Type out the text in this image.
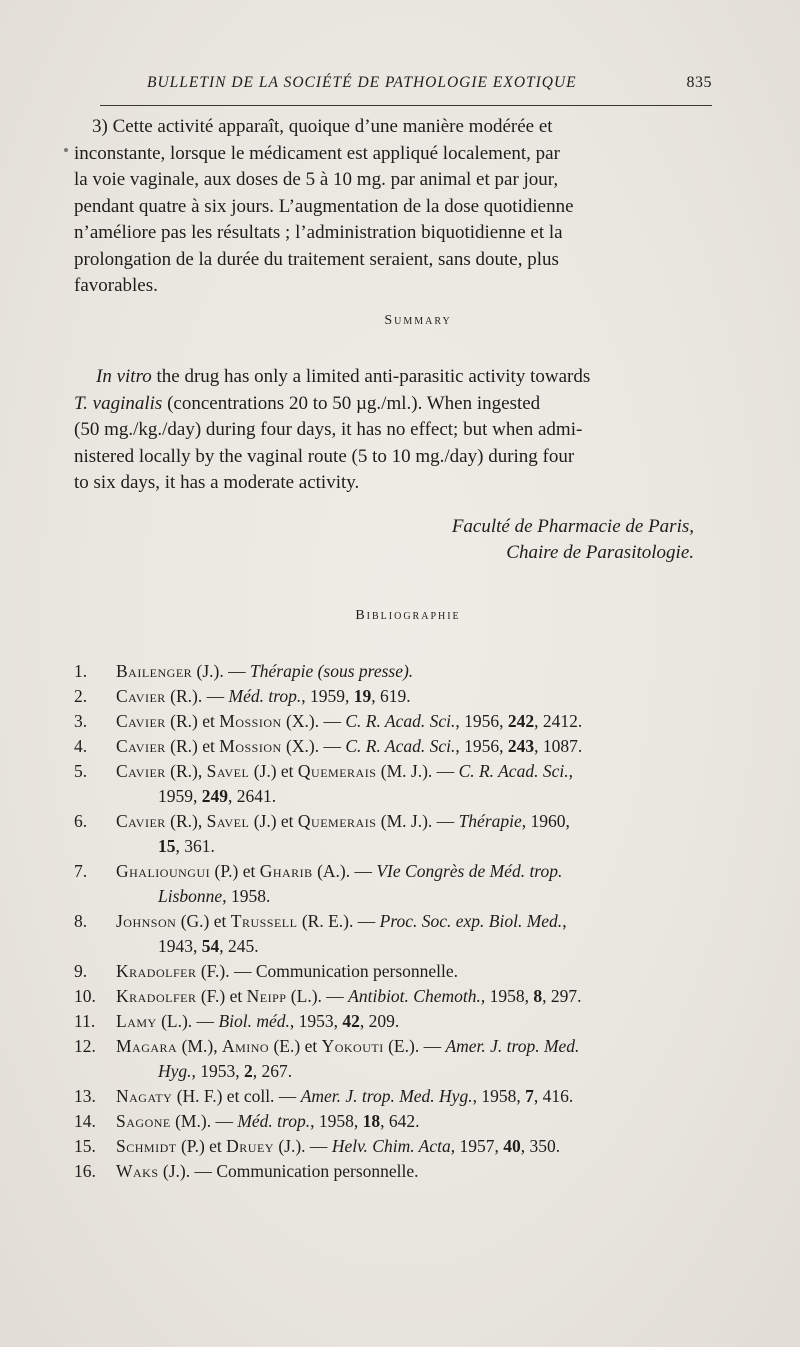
BULLETIN DE LA SOCIÉTÉ DE PATHOLOGIE EXOTIQUE	835
3) Cette activité apparaît, quoique d’une manière modérée et
inconstante, lorsque le médicament est appliqué localement, par
la voie vaginale, aux doses de 5 à 10 mg. par animal et par jour,
pendant quatre à six jours. L’augmentation de la dose quotidienne
n’améliore pas les résultats ; l’administration biquotidienne et la
prolongation de la durée du traitement seraient, sans doute, plus
favorables.
Summary
In vitro the drug has only a limited anti-parasitic activity towards
T. vaginalis (concentrations 20 to 50 µg./ml.). When ingested
(50 mg./kg./day) during four days, it has no effect; but when admi-
nistered locally by the vaginal route (5 to 10 mg./day) during four
to six days, it has a moderate activity.
Faculté de Pharmacie de Paris,
Chaire de Parasitologie.
Bibliographie
1. Bailenger (J.). — Thérapie (sous presse).
2. Cavier (R.). — Méd. trop., 1959, 19, 619.
3. Cavier (R.) et Mossion (X.). — C. R. Acad. Sci., 1956, 242, 2412.
4. Cavier (R.) et Mossion (X.). — C. R. Acad. Sci., 1956, 243, 1087.
5. Cavier (R.), Savel (J.) et Quemerais (M. J.). — C. R. Acad. Sci.,
1959, 249, 2641.
6. Cavier (R.), Savel (J.) et Quemerais (M. J.). — Thérapie, 1960,
15, 361.
7. Ghalioungui (P.) et Gharib (A.). — VIe Congrès de Méd. trop.
Lisbonne, 1958.
8. Johnson (G.) et Trussell (R. E.). — Proc. Soc. exp. Biol. Med.,
1943, 54, 245.
9. Kradolfer (F.). — Communication personnelle.
10. Kradolfer (F.) et Neipp (L.). — Antibiot. Chemoth., 1958, 8, 297.
11. Lamy (L.). — Biol. méd., 1953, 42, 209.
12. Magara (M.), Amino (E.) et Yokouti (E.). — Amer. J. trop. Med.
Hyg., 1953, 2, 267.
13. Nagaty (H. F.) et coll. — Amer. J. trop. Med. Hyg., 1958, 7, 416.
14. Sagone (M.). — Méd. trop., 1958, 18, 642.
15. Schmidt (P.) et Druey (J.). — Helv. Chim. Acta, 1957, 40, 350.
16. Waks (J.). — Communication personnelle.
